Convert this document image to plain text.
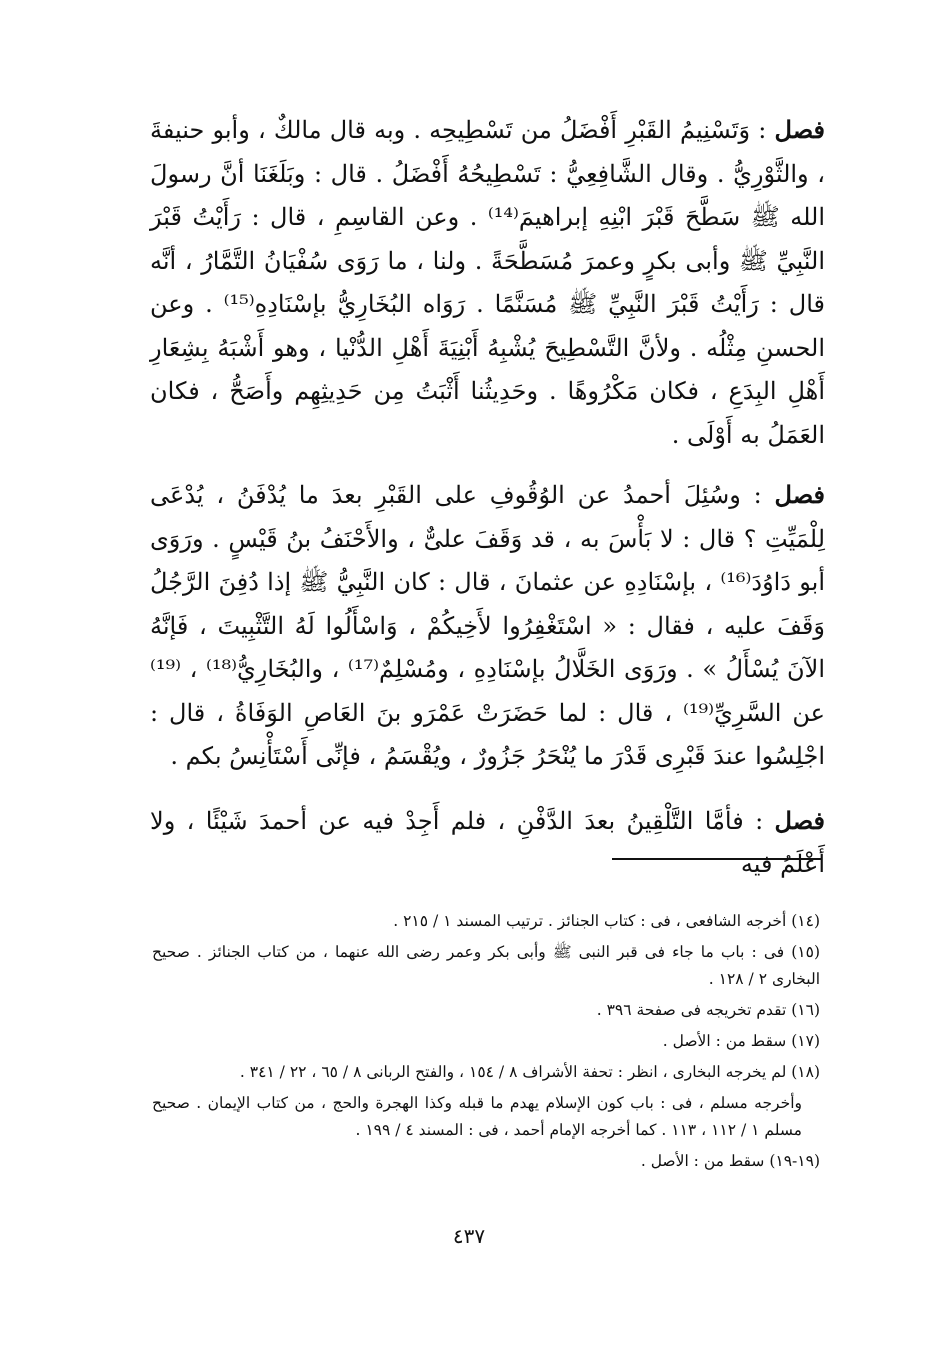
فصل : وَتَسْنِيمُ القَبْرِ أَفْضَلُ من تَسْطِيحِه . وبه قال مالكٌ ، وأبو حنيفةَ ، والثَّوْرِيُّ . وقال الشَّافِعِيُّ : تَسْطِيحُهُ أَفْضَلُ . قال : وبَلَغَنَا أنَّ رسولَ الله ﷺ سَطَّحَ قَبْرَ ابْنِهِ إبراهيمَ⁽¹⁴⁾ . وعن القاسِمِ ، قال : رَأَيْتُ قَبْرَ النَّبِيِّ ﷺ وأبى بكرٍ وعمرَ مُسَطَّحَةً . ولنا ، ما رَوَى سُفْيَانُ التَّمَّارُ ، أنَّه قال : رَأَيْتُ قَبْرَ النَّبِيِّ ﷺ مُسَنَّمًا . رَوَاه البُخَارِيُّ بإسْنَادِهِ⁽¹⁵⁾ . وعن الحسنِ مِثْلُه . ولأنَّ التَّسْطِيحَ يُشْبِهُ أَبْنِيَةَ أَهْلِ الدُّنْيا ، وهو أَشْبَهُ بِشِعَارِ أَهْلِ البِدَعِ ، فكان مَكْرُوهًا . وحَدِيثُنا أَثْبَتُ مِن حَدِيثِهِم وأَصَحُّ ، فكان العَمَلُ به أَوْلَى .

فصل : وسُئِلَ أحمدُ عن الوُقُوفِ على القَبْرِ بعدَ ما يُدْفَنُ ، يُدْعَى لِلْمَيِّتِ ؟ قال : لا بَأْسَ به ، قد وَقَفَ علىٌّ ، والأَحْنَفُ بنُ قَيْسٍ . ورَوَى أبو دَاوُدَ⁽¹⁶⁾ ، بإسْنَادِهِ عن عثمانَ ، قال : كان النَّبِيُّ ﷺ إذا دُفِنَ الرَّجُلُ وَقَفَ عليه ، فقال : « اسْتَغْفِرُوا لأَخِيكُمْ ، وَاسْأَلُوا لَهُ التَّثْبِيتَ ، فَإنَّهُ الآنَ يُسْأَلُ » . ورَوَى الخَلَّالُ بإسْنَادِهِ ، ومُسْلِمٌ⁽¹⁷⁾ ، والبُخَارِيُّ⁽¹⁸⁾ ، ⁽¹⁹⁾عن السَّرِيِّ⁽¹⁹⁾ ، قال : لما حَضَرَتْ عَمْرَو بنَ العَاصِ الوَفَاةُ ، قال : اجْلِسُوا عندَ قَبْرِى قَدْرَ ما يُنْحَرُ جَزُورٌ ، ويُقْسَمُ ، فإنِّى أَسْتَأْنِسُ بكم .

فصل : فأمَّا التَّلْقِينُ بعدَ الدَّفْنِ ، فلم أَجِدْ فيه عن أحمدَ شَيْئًا ، ولا أَعْلَمُ فيه

(١٤) أخرجه الشافعى ، فى : كتاب الجنائز . ترتيب المسند ١ / ٢١٥ .

(١٥) فى : باب ما جاء فى قبر النبى ﷺ وأبى بكر وعمر رضى الله عنهما ، من كتاب الجنائز . صحيح البخارى ٢ / ١٢٨ .

(١٦) تقدم تخريجه فى صفحة ٣٩٦ .

(١٧) سقط من : الأصل .

(١٨) لم يخرجه البخارى ، انظر : تحفة الأشراف ٨ / ١٥٤ ، والفتح الربانى ٨ / ٦٥ ، ٢٢ / ٣٤١ .

وأخرجه مسلم ، فى : باب كون الإسلام يهدم ما قبله وكذا الهجرة والحج ، من كتاب الإيمان . صحيح مسلم ١ / ١١٢ ، ١١٣ . كما أخرجه الإمام أحمد ، فى : المسند ٤ / ١٩٩ .

(١٩-١٩) سقط من : الأصل .

٤٣٧
